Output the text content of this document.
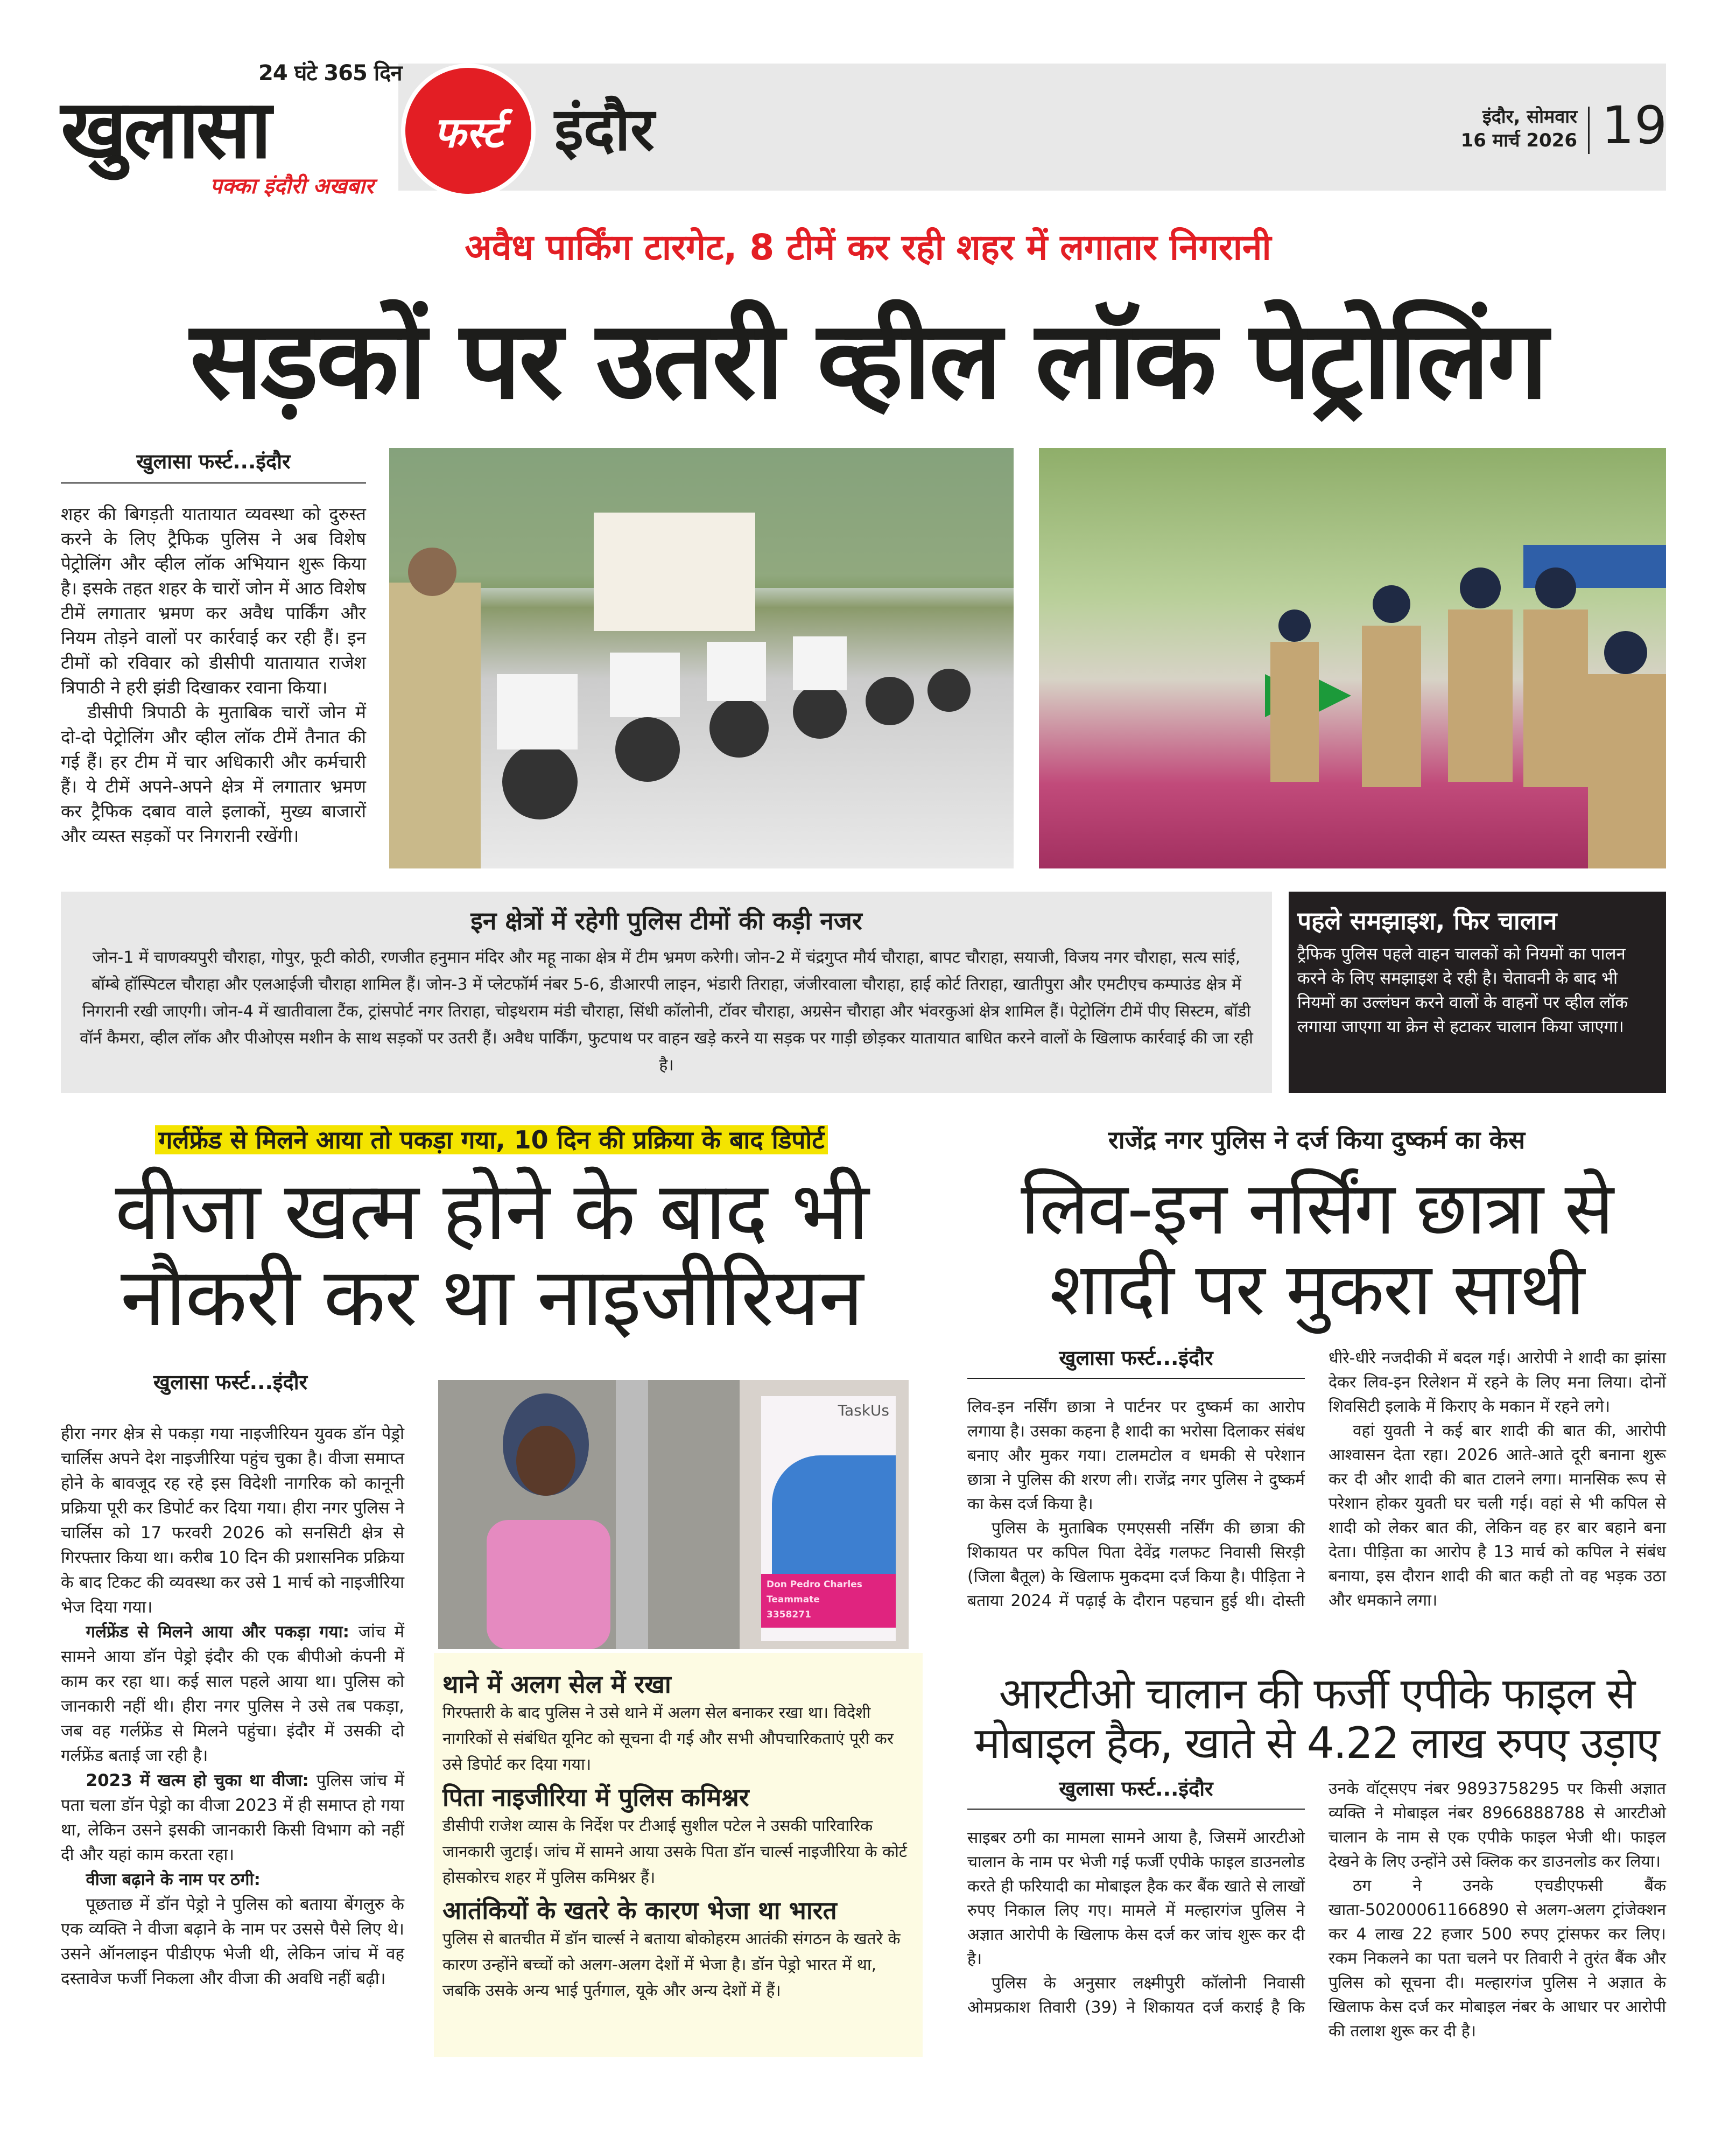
24 घंटे 365 दिन
खुलासा
पक्का इंदौरी अखबार
फर्स्ट इंदौर	इंदौर, सोमवार
16 मार्च 2026 19
अवैध पार्किंग टारगेट, 8 टीमें कर रही शहर में लगातार निगरानी
सड़कों पर उतरी व्हील लॉक पेट्रोलिंग
खुलासा फर्स्ट...इंदौर

शहर की बिगड़ती यातायात व्यवस्था को दुरुस्त करने के लिए ट्रैफिक पुलिस ने अब विशेष पेट्रोलिंग और व्हील लॉक अभियान शुरू किया है। इसके तहत शहर के चारों जोन में आठ विशेष टीमें लगातार भ्रमण कर अवैध पार्किंग और नियम तोड़ने वालों पर कार्रवाई कर रही हैं। इन टीमों को रविवार को डीसीपी यातायात राजेश त्रिपाठी ने हरी झंडी दिखाकर रवाना किया।

डीसीपी त्रिपाठी के मुताबिक चारों जोन में दो-दो पेट्रोलिंग और व्हील लॉक टीमें तैनात की गई हैं। हर टीम में चार अधिकारी और कर्मचारी हैं। ये टीमें अपने-अपने क्षेत्र में लगातार भ्रमण कर ट्रैफिक दबाव वाले इलाकों, मुख्य बाजारों और व्यस्त सड़कों पर निगरानी रखेंगी।

इन क्षेत्रों में रहेगी पुलिस टीमों की कड़ी नजर

जोन-1 में चाणक्यपुरी चौराहा, गोपुर, फूटी कोठी, रणजीत हनुमान मंदिर और महू नाका क्षेत्र में टीम भ्रमण करेगी। जोन-2 में चंद्रगुप्त मौर्य चौराहा, बापट चौराहा, सयाजी, विजय नगर चौराहा, सत्य सांई, बॉम्बे हॉस्पिटल चौराहा और एलआईजी चौराहा शामिल हैं। जोन-3 में प्लेटफॉर्म नंबर 5-6, डीआरपी लाइन, भंडारी तिराहा, जंजीरवाला चौराहा, हाई कोर्ट तिराहा, खातीपुरा और एमटीएच कम्पाउंड क्षेत्र में निगरानी रखी जाएगी। जोन-4 में खातीवाला टैंक, ट्रांसपोर्ट नगर तिराहा, चोइथराम मंडी चौराहा, सिंधी कॉलोनी, टॉवर चौराहा, अग्रसेन चौराहा और भंवरकुआं क्षेत्र शामिल हैं। पेट्रोलिंग टीमें पीए सिस्टम, बॉडी वॉर्न कैमरा, व्हील लॉक और पीओएस मशीन के साथ सड़कों पर उतरी हैं। अवैध पार्किंग, फुटपाथ पर वाहन खड़े करने या सड़क पर गाड़ी छोड़कर यातायात बाधित करने वालों के खिलाफ कार्रवाई की जा रही है।

पहले समझाइश, फिर चालान

ट्रैफिक पुलिस पहले वाहन चालकों को नियमों का पालन करने के लिए समझाइश दे रही है। चेतावनी के बाद भी नियमों का उल्लंघन करने वालों के वाहनों पर व्हील लॉक लगाया जाएगा या क्रेन से हटाकर चालान किया जाएगा।

गर्लफ्रेंड से मिलने आया तो पकड़ा गया, 10 दिन की प्रक्रिया के बाद डिपोर्ट
वीजा खत्म होने के बाद भी
नौकरी कर था नाइजीरियन
खुलासा फर्स्ट...इंदौर

हीरा नगर क्षेत्र से पकड़ा गया नाइजीरियन युवक डॉन पेड्रो चार्लिस अपने देश नाइजीरिया पहुंच चुका है। वीजा समाप्त होने के बावजूद रह रहे इस विदेशी नागरिक को कानूनी प्रक्रिया पूरी कर डिपोर्ट कर दिया गया। हीरा नगर पुलिस ने चार्लिस को 17 फरवरी 2026 को सनसिटी क्षेत्र से गिरफ्तार किया था। करीब 10 दिन की प्रशासनिक प्रक्रिया के बाद टिकट की व्यवस्था कर उसे 1 मार्च को नाइजीरिया भेज दिया गया।

गर्लफ्रेंड से मिलने आया और पकड़ा गया: जांच में सामने आया डॉन पेड्रो इंदौर की एक बीपीओ कंपनी में काम कर रहा था। कई साल पहले आया था। पुलिस को जानकारी नहीं थी। हीरा नगर पुलिस ने उसे तब पकड़ा, जब वह गर्लफ्रेंड से मिलने पहुंचा। इंदौर में उसकी दो गर्लफ्रेंड बताई जा रही है।

2023 में खत्म हो चुका था वीजा: पुलिस जांच में पता चला डॉन पेड्रो का वीजा 2023 में ही समाप्त हो गया था, लेकिन उसने इसकी जानकारी किसी विभाग को नहीं दी और यहां काम करता रहा।

वीजा बढ़ाने के नाम पर ठगी:

पूछताछ में डॉन पेड्रो ने पुलिस को बताया बेंगलुरु के एक व्यक्ति ने वीजा बढ़ाने के नाम पर उससे पैसे लिए थे। उसने ऑनलाइन पीडीएफ भेजी थी, लेकिन जांच में वह दस्तावेज फर्जी निकला और वीजा की अवधि नहीं बढ़ी।

TaskUs
Don Pedro Charles
Teammate
3358271
थाने में अलग सेल में रखा

गिरफ्तारी के बाद पुलिस ने उसे थाने में अलग सेल बनाकर रखा था। विदेशी नागरिकों से संबंधित यूनिट को सूचना दी गई और सभी औपचारिकताएं पूरी कर उसे डिपोर्ट कर दिया गया।

पिता नाइजीरिया में पुलिस कमिश्नर

डीसीपी राजेश व्यास के निर्देश पर टीआई सुशील पटेल ने उसकी पारिवारिक जानकारी जुटाई। जांच में सामने आया उसके पिता डॉन चार्ल्स नाइजीरिया के कोर्ट होसकोरच शहर में पुलिस कमिश्नर हैं।

आतंकियों के खतरे के कारण भेजा था भारत

पुलिस से बातचीत में डॉन चार्ल्स ने बताया बोकोहरम आतंकी संगठन के खतरे के कारण उन्होंने बच्चों को अलग-अलग देशों में भेजा है। डॉन पेड्रो भारत में था, जबकि उसके अन्य भाई पुर्तगाल, यूके और अन्य देशों में हैं।

राजेंद्र नगर पुलिस ने दर्ज किया दुष्कर्म का केस
लिव-इन नर्सिंग छात्रा से
शादी पर मुकरा साथी
खुलासा फर्स्ट...इंदौर

लिव-इन नर्सिंग छात्रा ने पार्टनर पर दुष्कर्म का आरोप लगाया है। उसका कहना है शादी का भरोसा दिलाकर संबंध बनाए और मुकर गया। टालमटोल व धमकी से परेशान छात्रा ने पुलिस की शरण ली। राजेंद्र नगर पुलिस ने दुष्कर्म का केस दर्ज किया है।

पुलिस के मुताबिक एमएससी नर्सिंग की छात्रा की शिकायत पर कपिल पिता देवेंद्र गलफट निवासी सिरड़ी (जिला बैतूल) के खिलाफ मुकदमा दर्ज किया है। पीड़िता ने बताया 2024 में पढ़ाई के दौरान पहचान हुई थी। दोस्ती धीरे-धीरे नजदीकी में बदल गई। आरोपी ने शादी का झांसा देकर लिव-इन रिलेशन में रहने के लिए मना लिया। दोनों शिवसिटी इलाके में किराए के मकान में रहने लगे।

वहां युवती ने कई बार शादी की बात की, आरोपी आश्वासन देता रहा। 2026 आते-आते दूरी बनाना शुरू कर दी और शादी की बात टालने लगा। मानसिक रूप से परेशान होकर युवती घर चली गई। वहां से भी कपिल से शादी को लेकर बात की, लेकिन वह हर बार बहाने बना देता। पीड़िता का आरोप है 13 मार्च को कपिल ने संबंध बनाया, इस दौरान शादी की बात कही तो वह भड़क उठा और धमकाने लगा।

आरटीओ चालान की फर्जी एपीके फाइल से
मोबाइल हैक, खाते से 4.22 लाख रुपए उड़ाए
खुलासा फर्स्ट...इंदौर

साइबर ठगी का मामला सामने आया है, जिसमें आरटीओ चालान के नाम पर भेजी गई फर्जी एपीके फाइल डाउनलोड करते ही फरियादी का मोबाइल हैक कर बैंक खाते से लाखों रुपए निकाल लिए गए। मामले में मल्हारगंज पुलिस ने अज्ञात आरोपी के खिलाफ केस दर्ज कर जांच शुरू कर दी है।

पुलिस के अनुसार लक्ष्मीपुरी कॉलोनी निवासी ओमप्रकाश तिवारी (39) ने शिकायत दर्ज कराई है कि उनके वॉट्सएप नंबर 9893758295 पर किसी अज्ञात व्यक्ति ने मोबाइल नंबर 8966888788 से आरटीओ चालान के नाम से एक एपीके फाइल भेजी थी। फाइल देखने के लिए उन्होंने उसे क्लिक कर डाउनलोड कर लिया।

ठग ने उनके एचडीएफसी बैंक खाता-50200061166890 से अलग-अलग ट्रांजेक्शन कर 4 लाख 22 हजार 500 रुपए ट्रांसफर कर लिए। रकम निकलने का पता चलने पर तिवारी ने तुरंत बैंक और पुलिस को सूचना दी। मल्हारगंज पुलिस ने अज्ञात के खिलाफ केस दर्ज कर मोबाइल नंबर के आधार पर आरोपी की तलाश शुरू कर दी है।
